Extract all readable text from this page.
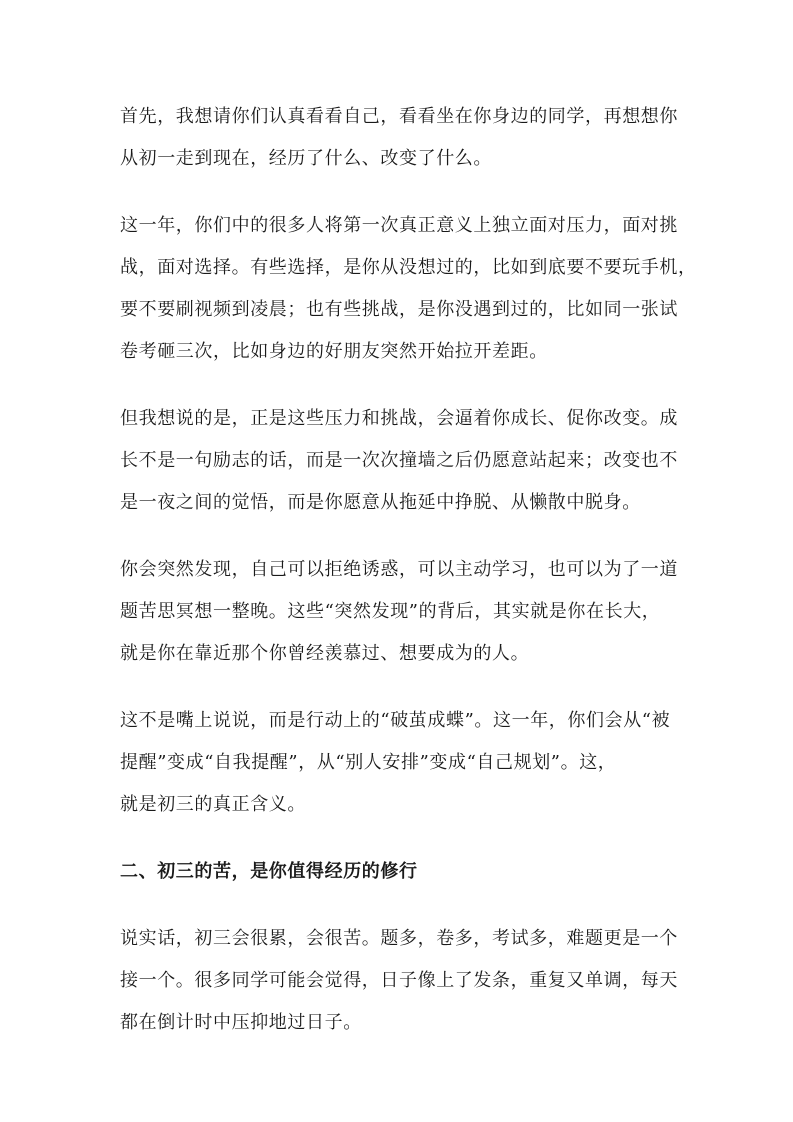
首先，我想请你们认真看看自己，看看坐在你身边的同学，再想想你
从初一走到现在，经历了什么、改变了什么。

这一年，你们中的很多人将第一次真正意义上独立面对压力，面对挑
战，面对选择。有些选择，是你从没想过的，比如到底要不要玩手机，
要不要刷视频到凌晨；也有些挑战，是你没遇到过的，比如同一张试
卷考砸三次，比如身边的好朋友突然开始拉开差距。

但我想说的是，正是这些压力和挑战，会逼着你成长、促你改变。成
长不是一句励志的话，而是一次次撞墙之后仍愿意站起来；改变也不
是一夜之间的觉悟，而是你愿意从拖延中挣脱、从懒散中脱身。

你会突然发现，自己可以拒绝诱惑，可以主动学习，也可以为了一道
题苦思冥想一整晚。这些“突然发现”的背后，其实就是你在长大，
就是你在靠近那个你曾经羡慕过、想要成为的人。

这不是嘴上说说，而是行动上的“破茧成蝶”。这一年，你们会从“被
提醒”变成“自我提醒”，从“别人安排”变成“自己规划”。这，
就是初三的真正含义。

二、初三的苦，是你值得经历的修行

说实话，初三会很累，会很苦。题多，卷多，考试多，难题更是一个
接一个。很多同学可能会觉得，日子像上了发条，重复又单调，每天
都在倒计时中压抑地过日子。
